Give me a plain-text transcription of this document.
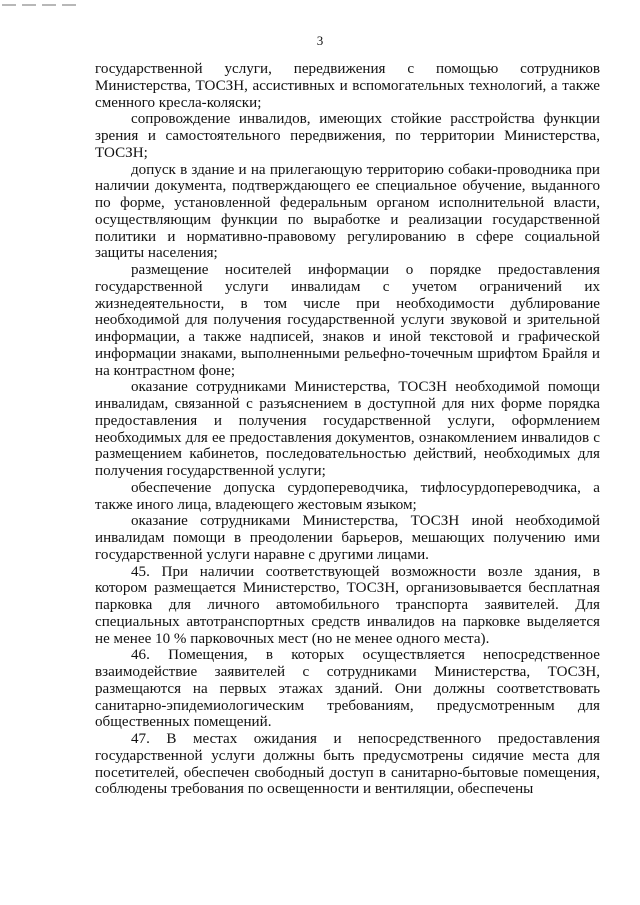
3

государственной услуги, передвижения с помощью сотрудников Министерства, ТОСЗН, ассистивных и вспомогательных технологий, а также сменного кресла-коляски;

сопровождение инвалидов, имеющих стойкие расстройства функции зрения и самостоятельного передвижения, по территории Министерства, ТОСЗН;

допуск в здание и на прилегающую территорию собаки-проводника при наличии документа, подтверждающего ее специальное обучение, выданного по форме, установленной федеральным органом исполнительной власти, осуществляющим функции по выработке и реализации государственной политики и нормативно-правовому регулированию в сфере социальной защиты населения;

размещение носителей информации о порядке предоставления государственной услуги инвалидам с учетом ограничений их жизнедеятельности, в том числе при необходимости дублирование необходимой для получения государственной услуги звуковой и зрительной информации, а также надписей, знаков и иной текстовой и графической информации знаками, выполненными рельефно-точечным шрифтом Брайля и на контрастном фоне;

оказание сотрудниками Министерства, ТОСЗН необходимой помощи инвалидам, связанной с разъяснением в доступной для них форме порядка предоставления и получения государственной услуги, оформлением необходимых для ее предоставления документов, ознакомлением инвалидов с размещением кабинетов, последовательностью действий, необходимых для получения государственной услуги;

обеспечение допуска сурдопереводчика, тифлосурдопереводчика, а также иного лица, владеющего жестовым языком;

оказание сотрудниками Министерства, ТОСЗН иной необходимой инвалидам помощи в преодолении барьеров, мешающих получению ими государственной услуги наравне с другими лицами.

45. При наличии соответствующей возможности возле здания, в котором размещается Министерство, ТОСЗН, организовывается бесплатная парковка для личного автомобильного транспорта заявителей. Для специальных автотранспортных средств инвалидов на парковке выделяется не менее 10 % парковочных мест (но не менее одного места).

46. Помещения, в которых осуществляется непосредственное взаимодействие заявителей с сотрудниками Министерства, ТОСЗН, размещаются на первых этажах зданий. Они должны соответствовать санитарно-эпидемиологическим требованиям, предусмотренным для общественных помещений.

47. В местах ожидания и непосредственного предоставления государственной услуги должны быть предусмотрены сидячие места для посетителей, обеспечен свободный доступ в санитарно-бытовые помещения, соблюдены требования по освещенности и вентиляции, обеспечены
